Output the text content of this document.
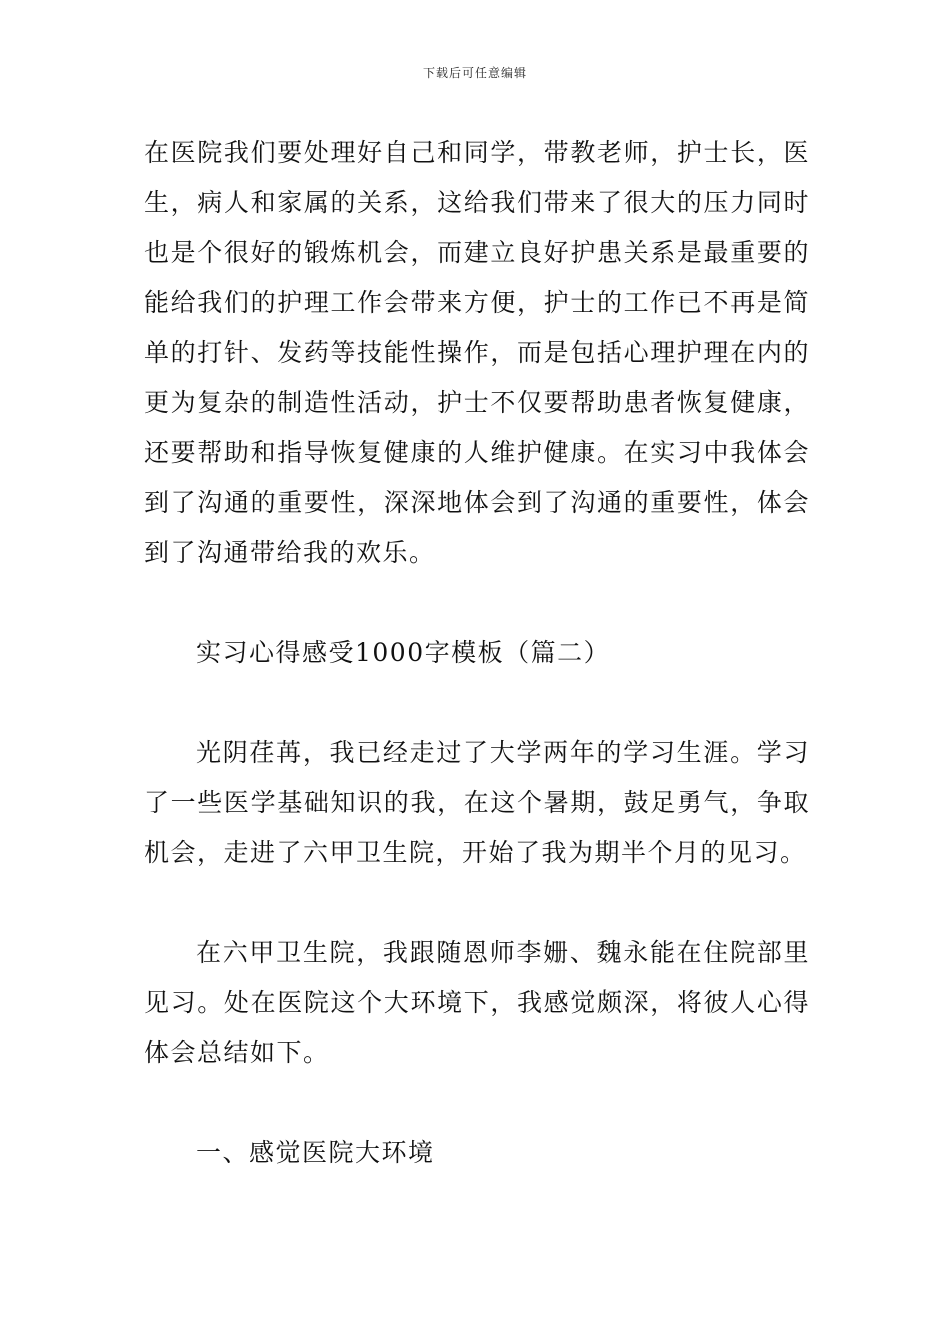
下载后可任意编辑

在医院我们要处理好自己和同学，带教老师，护士长，医生，病人和家属的关系，这给我们带来了很大的压力同时也是个很好的锻炼机会，而建立良好护患关系是最重要的能给我们的护理工作会带来方便，护士的工作已不再是简单的打针、发药等技能性操作，而是包括心理护理在内的更为复杂的制造性活动，护士不仅要帮助患者恢复健康，还要帮助和指导恢复健康的人维护健康。在实习中我体会到了沟通的重要性，深深地体会到了沟通的重要性，体会到了沟通带给我的欢乐。

实习心得感受1000字模板（篇二）

光阴荏苒，我已经走过了大学两年的学习生涯。学习了一些医学基础知识的我，在这个暑期，鼓足勇气，争取机会，走进了六甲卫生院，开始了我为期半个月的见习。

在六甲卫生院，我跟随恩师李姗、魏永能在住院部里见习。处在医院这个大环境下，我感觉颇深，将彼人心得体会总结如下。

一、感觉医院大环境
